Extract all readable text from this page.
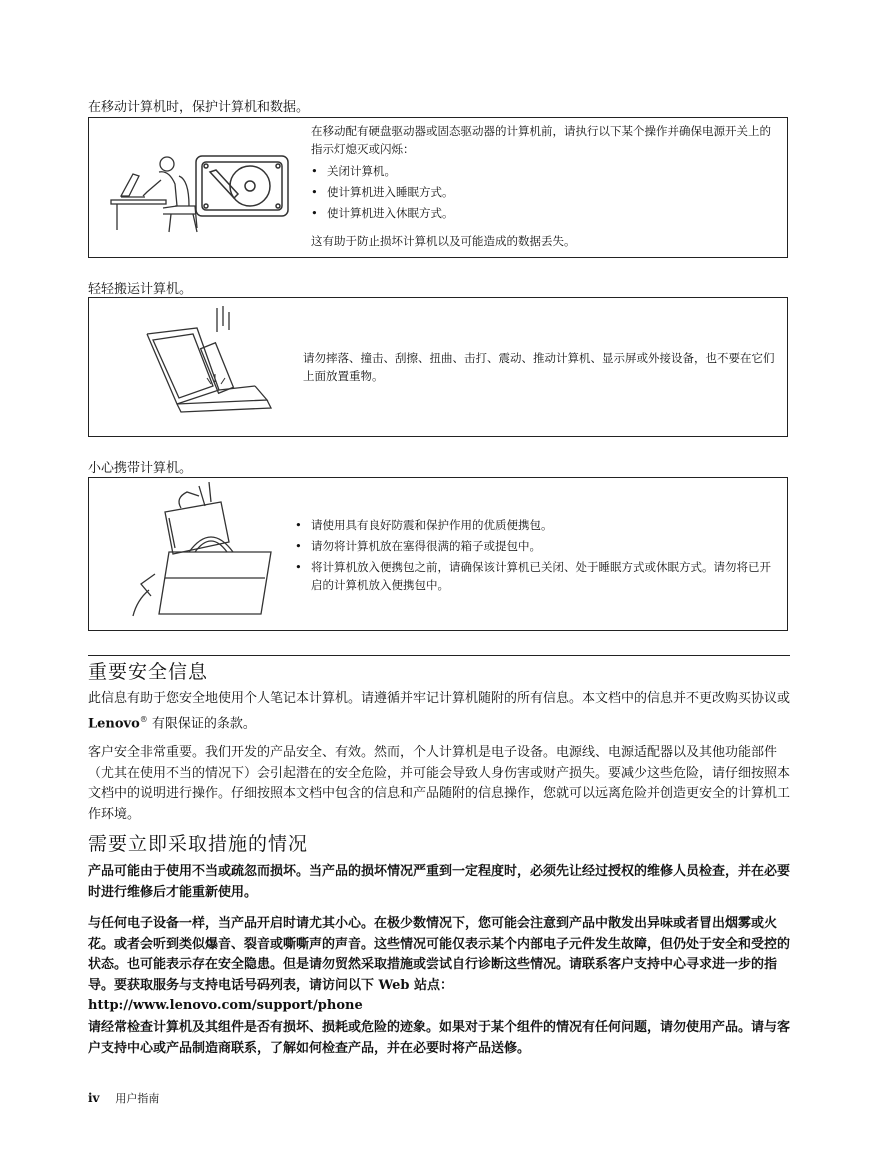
在移动计算机时，保护计算机和数据。
在移动配有硬盘驱动器或固态驱动器的计算机前，请执行以下某个操作并确保电源开关上的指示灯熄灭或闪烁：
• 关闭计算机。
• 使计算机进入睡眠方式。
• 使计算机进入休眠方式。
这有助于防止损坏计算机以及可能造成的数据丢失。
轻轻搬运计算机。
请勿摔落、撞击、刮擦、扭曲、击打、震动、推动计算机、显示屏或外接设备，也不要在它们上面放置重物。
小心携带计算机。
• 请使用具有良好防震和保护作用的优质便携包。
• 请勿将计算机放在塞得很满的箱子或提包中。
• 将计算机放入便携包之前，请确保该计算机已关闭、处于睡眠方式或休眠方式。请勿将已开启的计算机放入便携包中。
重要安全信息
此信息有助于您安全地使用个人笔记本计算机。请遵循并牢记计算机随附的所有信息。本文档中的信息并不更改购买协议或 Lenovo® 有限保证的条款。
客户安全非常重要。我们开发的产品安全、有效。然而，个人计算机是电子设备。电源线、电源适配器以及其他功能部件（尤其在使用不当的情况下）会引起潜在的安全危险，并可能会导致人身伤害或财产损失。要减少这些危险，请仔细按照本文档中的说明进行操作。仔细按照本文档中包含的信息和产品随附的信息操作，您就可以远离危险并创造更安全的计算机工作环境。
需要立即采取措施的情况
产品可能由于使用不当或疏忽而损坏。当产品的损坏情况严重到一定程度时，必须先让经过授权的维修人员检查，并在必要时进行维修后才能重新使用。
与任何电子设备一样，当产品开启时请尤其小心。在极少数情况下，您可能会注意到产品中散发出异味或者冒出烟雾或火花。或者会听到类似爆音、裂音或嘶嘶声的声音。这些情况可能仅表示某个内部电子元件发生故障，但仍处于安全和受控的状态。也可能表示存在安全隐患。但是请勿贸然采取措施或尝试自行诊断这些情况。请联系客户支持中心寻求进一步的指导。要获取服务与支持电话号码列表，请访问以下 Web 站点：
http://www.lenovo.com/support/phone
请经常检查计算机及其组件是否有损坏、损耗或危险的迹象。如果对于某个组件的情况有任何问题，请勿使用产品。请与客户支持中心或产品制造商联系，了解如何检查产品，并在必要时将产品送修。
iv 用户指南
